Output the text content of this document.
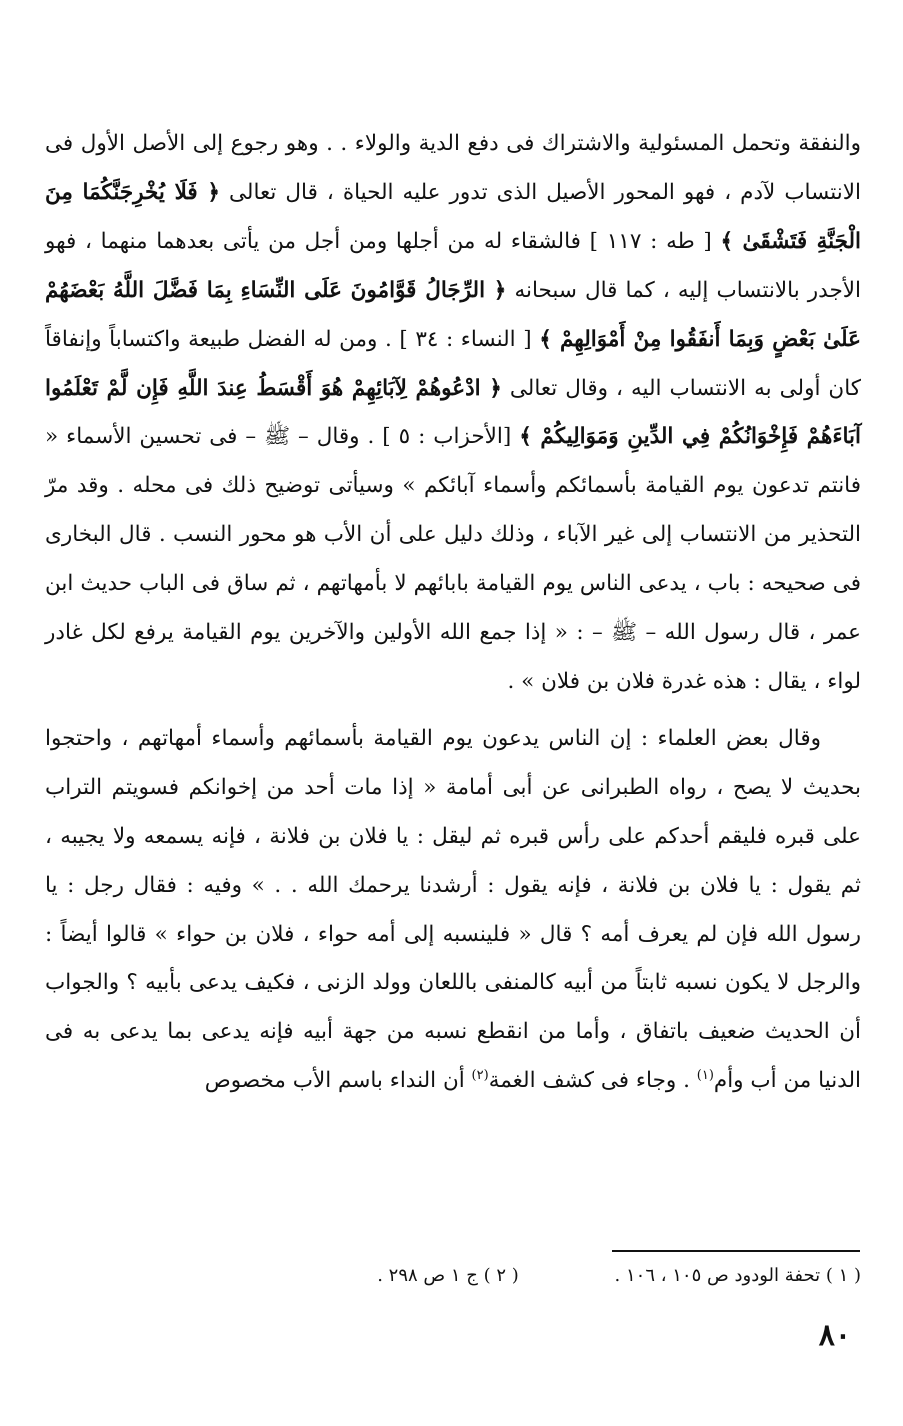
والنفقة وتحمل المسئولية والاشتراك فى دفع الدية والولاء . . وهو رجوع إلى الأصل الأول فى الانتساب لآدم ، فهو المحور الأصيل الذى تدور عليه الحياة ، قال تعالى ﴿ فَلَا يُخْرِجَنَّكُمَا مِنَ الْجَنَّةِ فَتَشْقَىٰ ﴾ [ طه : ١١٧ ] فالشقاء له من أجلها ومن أجل من يأتى بعدهما منهما ، فهو الأجدر بالانتساب إليه ، كما قال سبحانه ﴿ الرِّجَالُ قَوَّامُونَ عَلَى النِّسَاءِ بِمَا فَضَّلَ اللَّهُ بَعْضَهُمْ عَلَىٰ بَعْضٍ وَبِمَا أَنفَقُوا مِنْ أَمْوَالِهِمْ ﴾ [ النساء : ٣٤ ] . ومن له الفضل طبيعة واكتساباً وإنفاقاً كان أولى به الانتساب اليه ، وقال تعالى ﴿ ادْعُوهُمْ لِآبَائِهِمْ هُوَ أَقْسَطُ عِندَ اللَّهِ فَإِن لَّمْ تَعْلَمُوا آبَاءَهُمْ فَإِخْوَانُكُمْ فِي الدِّينِ وَمَوَالِيكُمْ ﴾ [الأحزاب : ٥ ] . وقال – ﷺ – فى تحسين الأسماء « فانتم تدعون يوم القيامة بأسمائكم وأسماء آبائكم » وسيأتى توضيح ذلك فى محله . وقد مرّ التحذير من الانتساب إلى غير الآباء ، وذلك دليل على أن الأب هو محور النسب . قال البخارى فى صحيحه : باب ، يدعى الناس يوم القيامة بابائهم لا بأمهاتهم ، ثم ساق فى الباب حديث ابن عمر ، قال رسول الله – ﷺ – : « إذا جمع الله الأولين والآخرين يوم القيامة يرفع لكل غادر لواء ، يقال : هذه غدرة فلان بن فلان » .
وقال بعض العلماء : إن الناس يدعون يوم القيامة بأسمائهم وأسماء أمهاتهم ، واحتجوا بحديث لا يصح ، رواه الطبرانى عن أبى أمامة « إذا مات أحد من إخوانكم فسويتم التراب على قبره فليقم أحدكم على رأس قبره ثم ليقل : يا فلان بن فلانة ، فإنه يسمعه ولا يجيبه ، ثم يقول : يا فلان بن فلانة ، فإنه يقول : أرشدنا يرحمك الله . . » وفيه : فقال رجل : يا رسول الله فإن لم يعرف أمه ؟ قال « فلينسبه إلى أمه حواء ، فلان بن حواء » قالوا أيضاً : والرجل لا يكون نسبه ثابتاً من أبيه كالمنفى باللعان وولد الزنى ، فكيف يدعى بأبيه ؟ والجواب أن الحديث ضعيف باتفاق ، وأما من انقطع نسبه من جهة أبيه فإنه يدعى بما يدعى به فى الدنيا من أب وأم$^{(١)}$ . وجاء فى كشف الغمة$^{(٢)}$ أن النداء باسم الأب مخصوص
( ١ ) تحفة الودود ص ١٠٥ ، ١٠٦ . ( ٢ ) ج ١ ص ٢٩٨ .
٨٠
